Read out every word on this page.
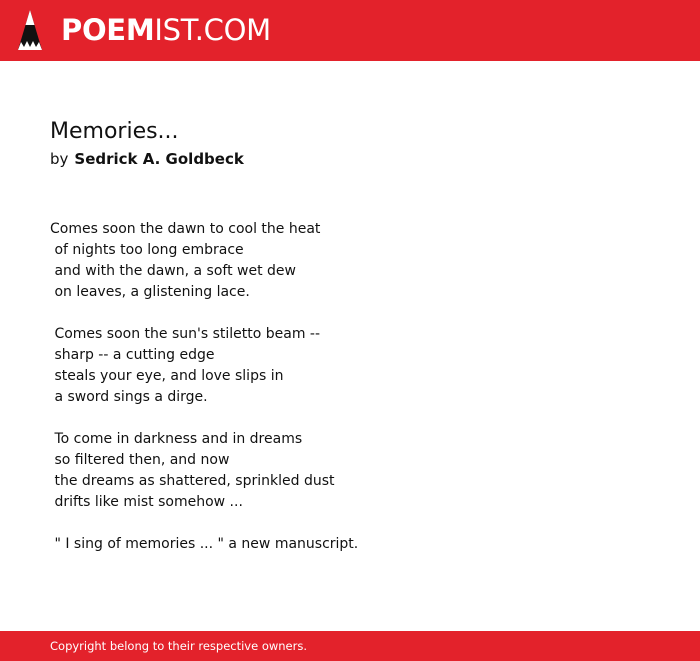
POEMIST.COM
Memories...
by Sedrick A. Goldbeck
Comes soon the dawn to cool the heat
of nights too long embrace
and with the dawn, a soft wet dew
on leaves, a glistening lace.
Comes soon the sun's stiletto beam --
sharp -- a cutting edge
steals your eye, and love slips in
a sword sings a dirge.
To come in darkness and in dreams
so filtered then, and now
the dreams as shattered, sprinkled dust
drifts like mist somehow ...
" I sing of memories ... " a new manuscript.
Copyright belong to their respective owners.
